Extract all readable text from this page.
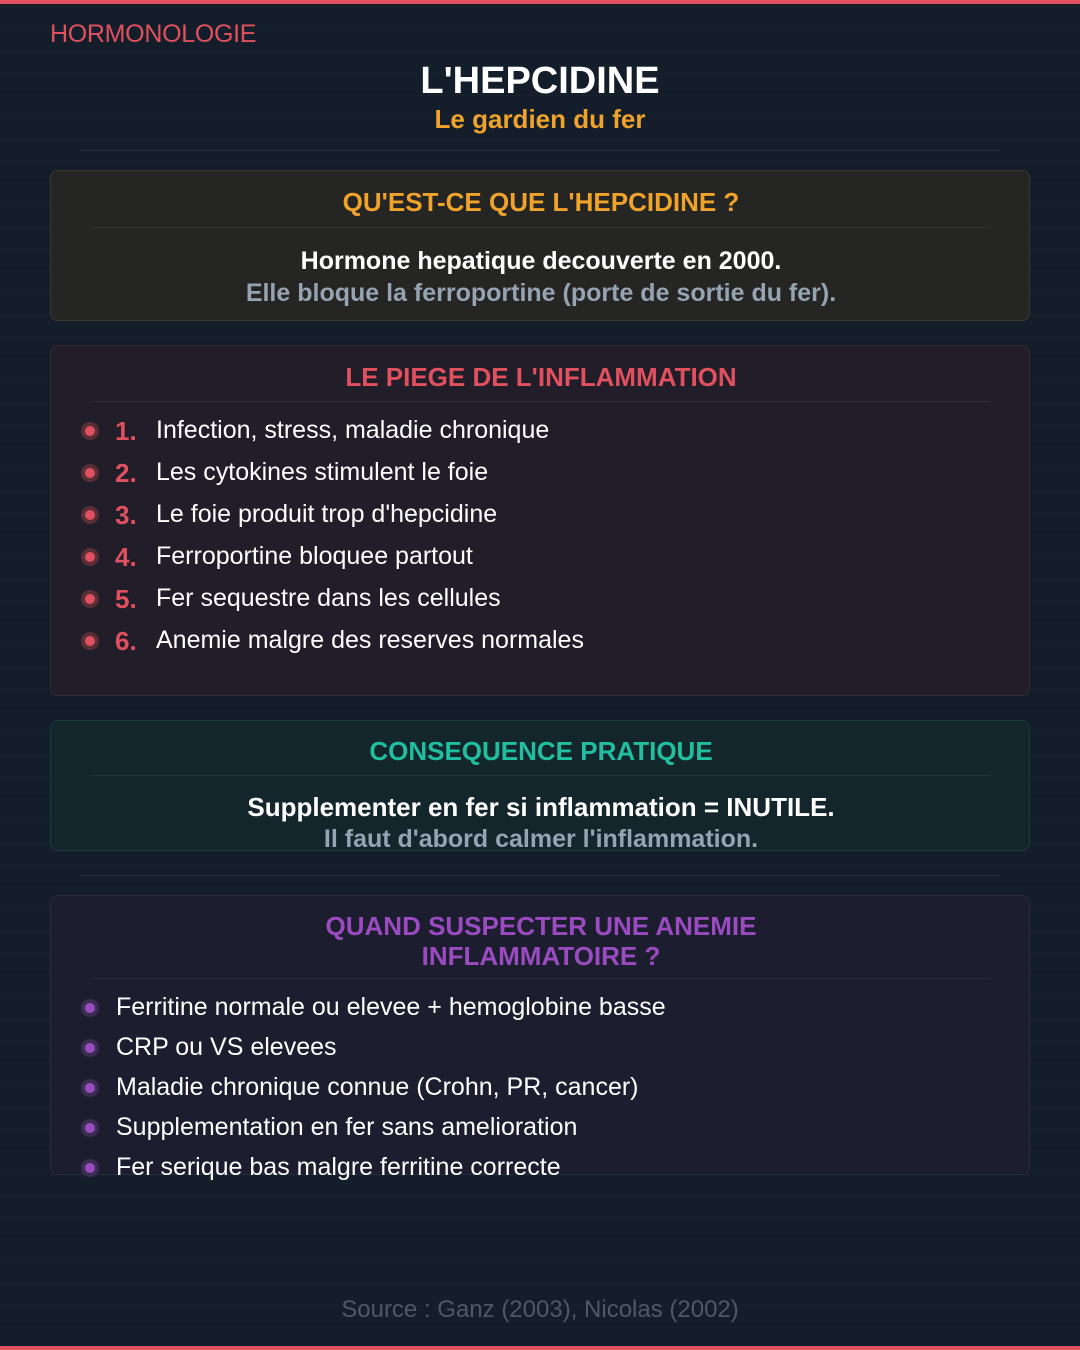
HORMONOLOGIE
L'HEPCIDINE
Le gardien du fer
QU'EST-CE QUE L'HEPCIDINE ?
Hormone hepatique decouverte en 2000.
Elle bloque la ferroportine (porte de sortie du fer).
LE PIEGE DE L'INFLAMMATION
1. Infection, stress, maladie chronique
2. Les cytokines stimulent le foie
3. Le foie produit trop d'hepcidine
4. Ferroportine bloquee partout
5. Fer sequestre dans les cellules
6. Anemie malgre des reserves normales
CONSEQUENCE PRATIQUE
Supplementer en fer si inflammation = INUTILE.
Il faut d'abord calmer l'inflammation.
QUAND SUSPECTER UNE ANEMIE
INFLAMMATOIRE ?
Ferritine normale ou elevee + hemoglobine basse
CRP ou VS elevees
Maladie chronique connue (Crohn, PR, cancer)
Supplementation en fer sans amelioration
Fer serique bas malgre ferritine correcte
Source : Ganz (2003), Nicolas (2002)
